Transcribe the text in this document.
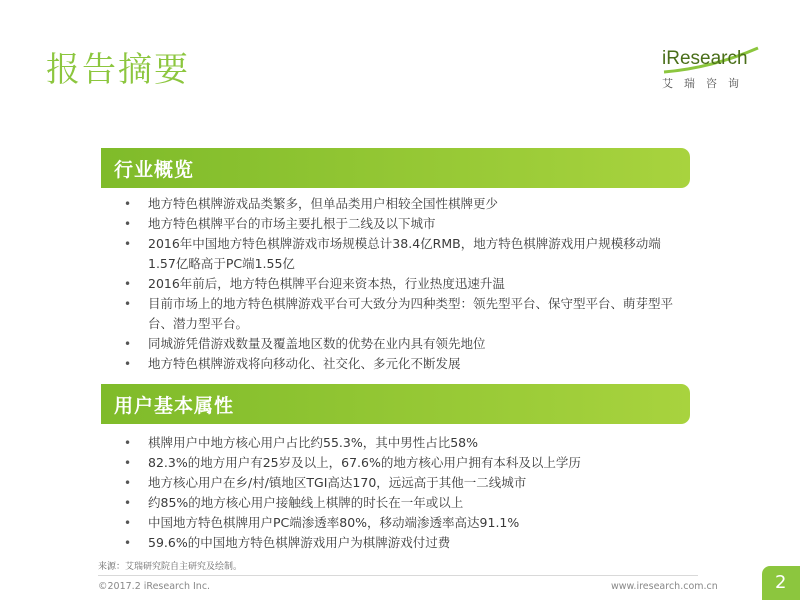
报告摘要	iResearch
艾瑞咨询
行业概览
• 地方特色棋牌游戏品类繁多，但单品类用户相较全国性棋牌更少
• 地方特色棋牌平台的市场主要扎根于二线及以下城市
• 2016年中国地方特色棋牌游戏市场规模总计38.4亿RMB，地方特色棋牌游戏用户规模移动端1.57亿略高于PC端1.55亿
• 2016年前后，地方特色棋牌平台迎来资本热，行业热度迅速升温
• 目前市场上的地方特色棋牌游戏平台可大致分为四种类型：领先型平台、保守型平台、萌芽型平台、潜力型平台。
• 同城游凭借游戏数量及覆盖地区数的优势在业内具有领先地位
• 地方特色棋牌游戏将向移动化、社交化、多元化不断发展
用户基本属性
• 棋牌用户中地方核心用户占比约55.3%，其中男性占比58%
• 82.3%的地方用户有25岁及以上，67.6%的地方核心用户拥有本科及以上学历
• 地方核心用户在乡/村/镇地区TGI高达170，远远高于其他一二线城市
• 约85%的地方核心用户接触线上棋牌的时长在一年或以上
• 中国地方特色棋牌用户PC端渗透率80%，移动端渗透率高达91.1%
• 59.6%的中国地方特色棋牌游戏用户为棋牌游戏付过费
来源：艾瑞研究院自主研究及绘制。
©2017.2 iResearch Inc.	www.iresearch.com.cn	2
